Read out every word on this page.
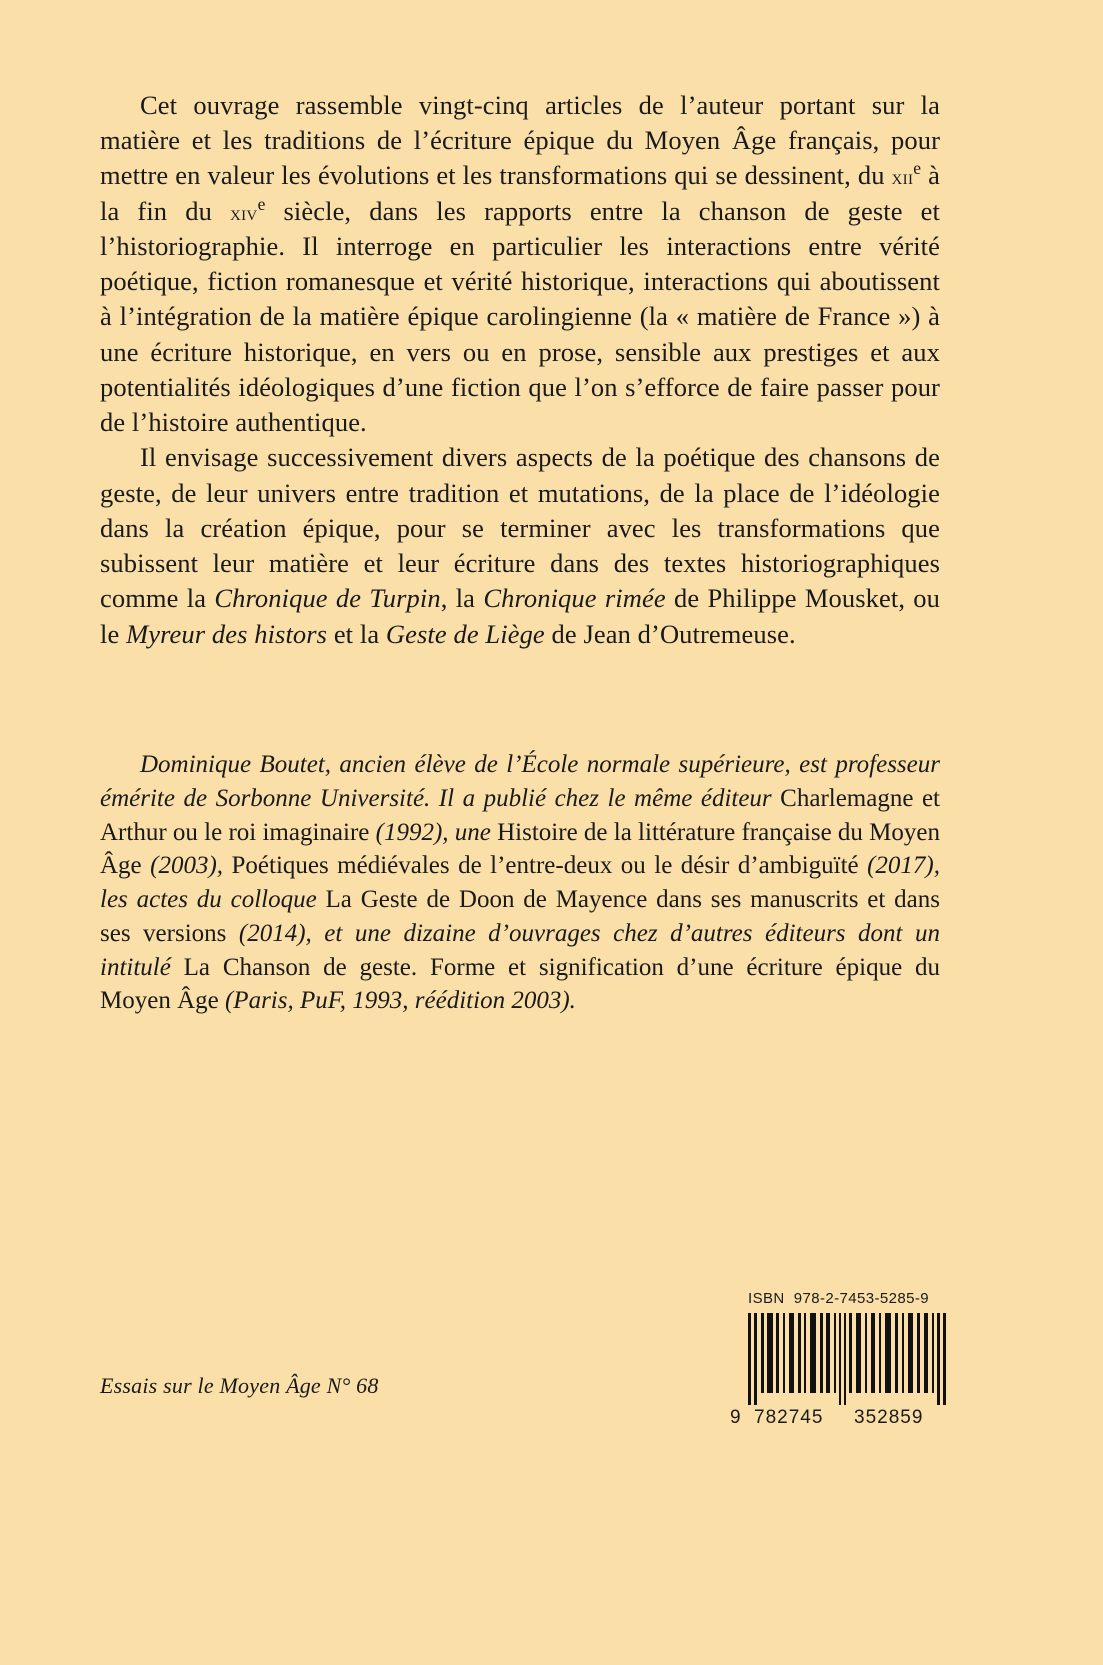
Cet ouvrage rassemble vingt-cinq articles de l’auteur portant sur la matière et les traditions de l’écriture épique du Moyen Âge français, pour mettre en valeur les évolutions et les transformations qui se dessinent, du xii$^e$ à la fin du xiv$^e$ siècle, dans les rapports entre la chanson de geste et l’historiographie. Il interroge en particulier les interactions entre vérité poétique, fiction romanesque et vérité historique, interactions qui aboutissent à l’intégration de la matière épique carolingienne (la « matière de France ») à une écriture historique, en vers ou en prose, sensible aux prestiges et aux potentialités idéologiques d’une fiction que l’on s’efforce de faire passer pour de l’histoire authentique.

Il envisage successivement divers aspects de la poétique des chansons de geste, de leur univers entre tradition et mutations, de la place de l’idéologie dans la création épique, pour se terminer avec les transformations que subissent leur matière et leur écriture dans des textes historiographiques comme la Chronique de Turpin, la Chronique rimée de Philippe Mousket, ou le Myreur des histors et la Geste de Liège de Jean d’Outremeuse.

Dominique Boutet, ancien élève de l’École normale supérieure, est professeur émérite de Sorbonne Université. Il a publié chez le même éditeur Charlemagne et Arthur ou le roi imaginaire (1992), une Histoire de la littérature française du Moyen Âge (2003), Poétiques médiévales de l’entre-deux ou le désir d’ambiguïté (2017), les actes du colloque La Geste de Doon de Mayence dans ses manuscrits et dans ses versions (2014), et une dizaine d’ouvrages chez d’autres éditeurs dont un intitulé La Chanson de geste. Forme et signification d’une écriture épique du Moyen Âge (Paris, PuF, 1993, réédition 2003).

Essais sur le Moyen Âge N° 68
ISBN 978-2-7453-5285-9
9 782745 352859
